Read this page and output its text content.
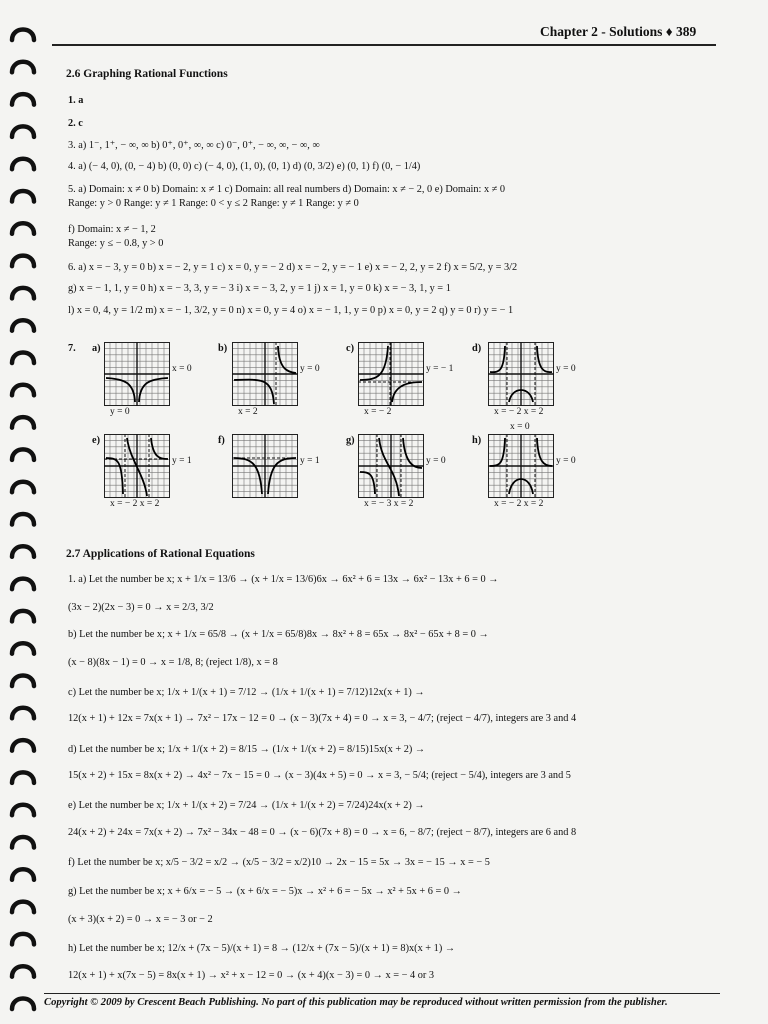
Chapter 2 - Solutions ♦ 389
2.6 Graphing Rational Functions
1. a
2. c
3. a) 1⁻, 1⁺, − ∞, ∞ b) 0⁺, 0⁺, ∞, ∞ c) 0⁻, 0⁺, − ∞, ∞, − ∞, ∞
4. a) (− 4, 0), (0, − 4) b) (0, 0) c) (− 4, 0), (1, 0), (0, 1) d) (0, 3/2) e) (0, 1) f) (0, − 1/4)
5. a) Domain: x ≠ 0 b) Domain: x ≠ 1 c) Domain: all real numbers d) Domain: x ≠ − 2, 0 e) Domain: x ≠ 0
Range: y > 0 Range: y ≠ 1 Range: 0 < y ≤ 2 Range: y ≠ 1 Range: y ≠ 0
f) Domain: x ≠ − 1, 2
Range: y ≤ − 0.8, y > 0
6. a) x = − 3, y = 0 b) x = − 2, y = 1 c) x = 0, y = − 2 d) x = − 2, y = − 1 e) x = − 2, 2, y = 2 f) x = 5/2, y = 3/2
g) x = − 1, 1, y = 0 h) x = − 3, 3, y = − 3 i) x = − 3, 2, y = 1 j) x = 1, y = 0 k) x = − 3, 1, y = 1
l) x = 0, 4, y = 1/2 m) x = − 1, 3/2, y = 0 n) x = 0, y = 4 o) x = − 1, 1, y = 0 p) x = 0, y = 2 q) y = 0 r) y = − 1
7. a)
x = 0
y = 0
b)
y = 0
x = 2
c)
y = − 1
x = − 2
d)
y = 0
x = − 2 x = 2
e)
y = 1
x = − 2 x = 2
f)
y = 1
g)
y = 0
x = − 3 x = 2
h)
y = 0
x = − 2 x = 2
x = 0
2.7 Applications of Rational Equations
1. a) Let the number be x; x + 1/x = 13/6 → (x + 1/x = 13/6)6x → 6x² + 6 = 13x → 6x² − 13x + 6 = 0 →
(3x − 2)(2x − 3) = 0 → x = 2/3, 3/2
b) Let the number be x; x + 1/x = 65/8 → (x + 1/x = 65/8)8x → 8x² + 8 = 65x → 8x² − 65x + 8 = 0 →
(x − 8)(8x − 1) = 0 → x = 1/8, 8; (reject 1/8), x = 8
c) Let the number be x; 1/x + 1/(x + 1) = 7/12 → (1/x + 1/(x + 1) = 7/12)12x(x + 1) →
12(x + 1) + 12x = 7x(x + 1) → 7x² − 17x − 12 = 0 → (x − 3)(7x + 4) = 0 → x = 3, − 4/7; (reject − 4/7), integers are 3 and 4
d) Let the number be x; 1/x + 1/(x + 2) = 8/15 → (1/x + 1/(x + 2) = 8/15)15x(x + 2) →
15(x + 2) + 15x = 8x(x + 2) → 4x² − 7x − 15 = 0 → (x − 3)(4x + 5) = 0 → x = 3, − 5/4; (reject − 5/4), integers are 3 and 5
e) Let the number be x; 1/x + 1/(x + 2) = 7/24 → (1/x + 1/(x + 2) = 7/24)24x(x + 2) →
24(x + 2) + 24x = 7x(x + 2) → 7x² − 34x − 48 = 0 → (x − 6)(7x + 8) = 0 → x = 6, − 8/7; (reject − 8/7), integers are 6 and 8
f) Let the number be x; x/5 − 3/2 = x/2 → (x/5 − 3/2 = x/2)10 → 2x − 15 = 5x → 3x = − 15 → x = − 5
g) Let the number be x; x + 6/x = − 5 → (x + 6/x = − 5)x → x² + 6 = − 5x → x² + 5x + 6 = 0 →
(x + 3)(x + 2) = 0 → x = − 3 or − 2
h) Let the number be x; 12/x + (7x − 5)/(x + 1) = 8 → (12/x + (7x − 5)/(x + 1) = 8)x(x + 1) →
12(x + 1) + x(7x − 5) = 8x(x + 1) → x² + x − 12 = 0 → (x + 4)(x − 3) = 0 → x = − 4 or 3
Copyright © 2009 by Crescent Beach Publishing. No part of this publication may be reproduced without written permission from the publisher.
